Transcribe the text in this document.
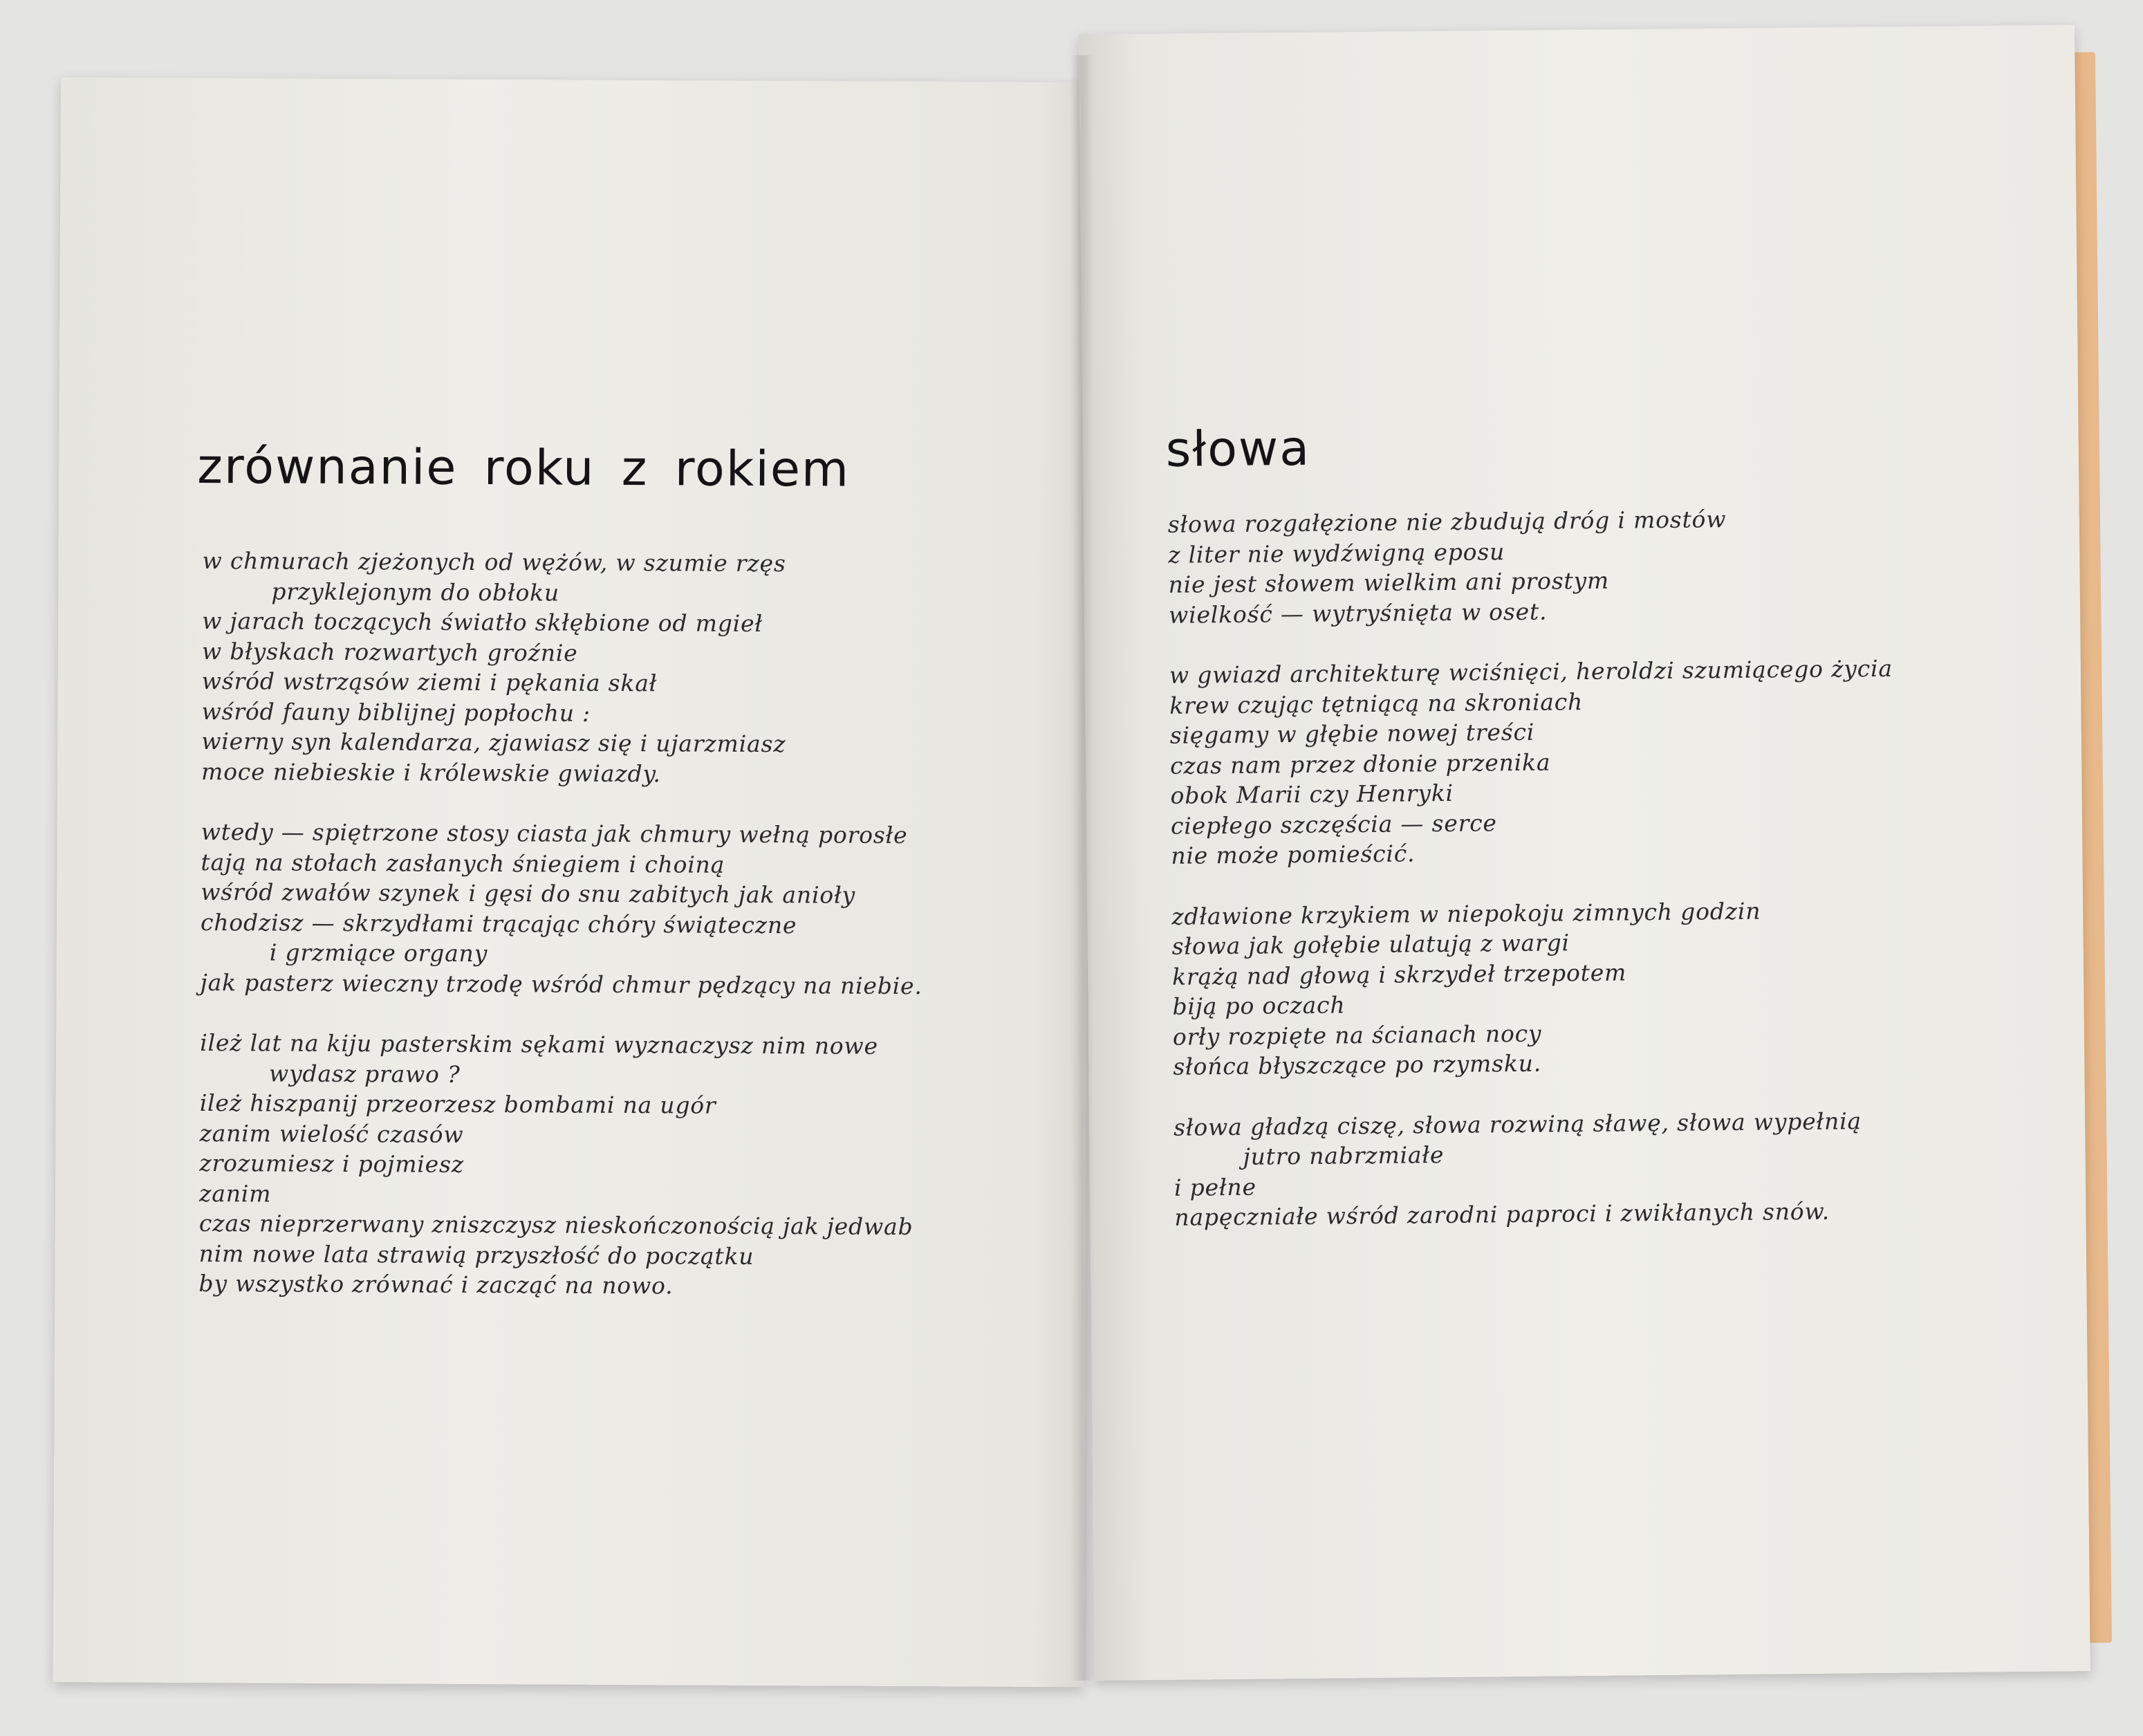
zrównanie roku z rokiem
w chmurach zjeżonych od wężów, w szumie rzęs
przyklejonym do obłoku
w jarach toczących światło skłębione od mgieł
w błyskach rozwartych groźnie
wśród wstrząsów ziemi i pękania skał
wśród fauny biblijnej popłochu :
wierny syn kalendarza, zjawiasz się i ujarzmiasz
moce niebieskie i królewskie gwiazdy.
wtedy — spiętrzone stosy ciasta jak chmury wełną porosłe
tają na stołach zasłanych śniegiem i choiną
wśród zwałów szynek i gęsi do snu zabitych jak anioły
chodzisz — skrzydłami trącając chóry świąteczne
i grzmiące organy
jak pasterz wieczny trzodę wśród chmur pędzący na niebie.
ileż lat na kiju pasterskim sękami wyznaczysz nim nowe
wydasz prawo ?
ileż hiszpanij przeorzesz bombami na ugór
zanim wielość czasów
zrozumiesz i pojmiesz
zanim
czas nieprzerwany zniszczysz nieskończonością jak jedwab
nim nowe lata strawią przyszłość do początku
by wszystko zrównać i zacząć na nowo.
słowa
słowa rozgałęzione nie zbudują dróg i mostów
z liter nie wydźwigną eposu
nie jest słowem wielkim ani prostym
wielkość — wytryśnięta w oset.
w gwiazd architekturę wciśnięci, heroldzi szumiącego życia
krew czując tętniącą na skroniach
sięgamy w głębie nowej treści
czas nam przez dłonie przenika
obok Marii czy Henryki
ciepłego szczęścia — serce
nie może pomieścić.
zdławione krzykiem w niepokoju zimnych godzin
słowa jak gołębie ulatują z wargi
krążą nad głową i skrzydeł trzepotem
biją po oczach
orły rozpięte na ścianach nocy
słońca błyszczące po rzymsku.
słowa gładzą ciszę, słowa rozwiną sławę, słowa wypełnią
jutro nabrzmiałe
i pełne
napęczniałe wśród zarodni paproci i zwikłanych snów.
